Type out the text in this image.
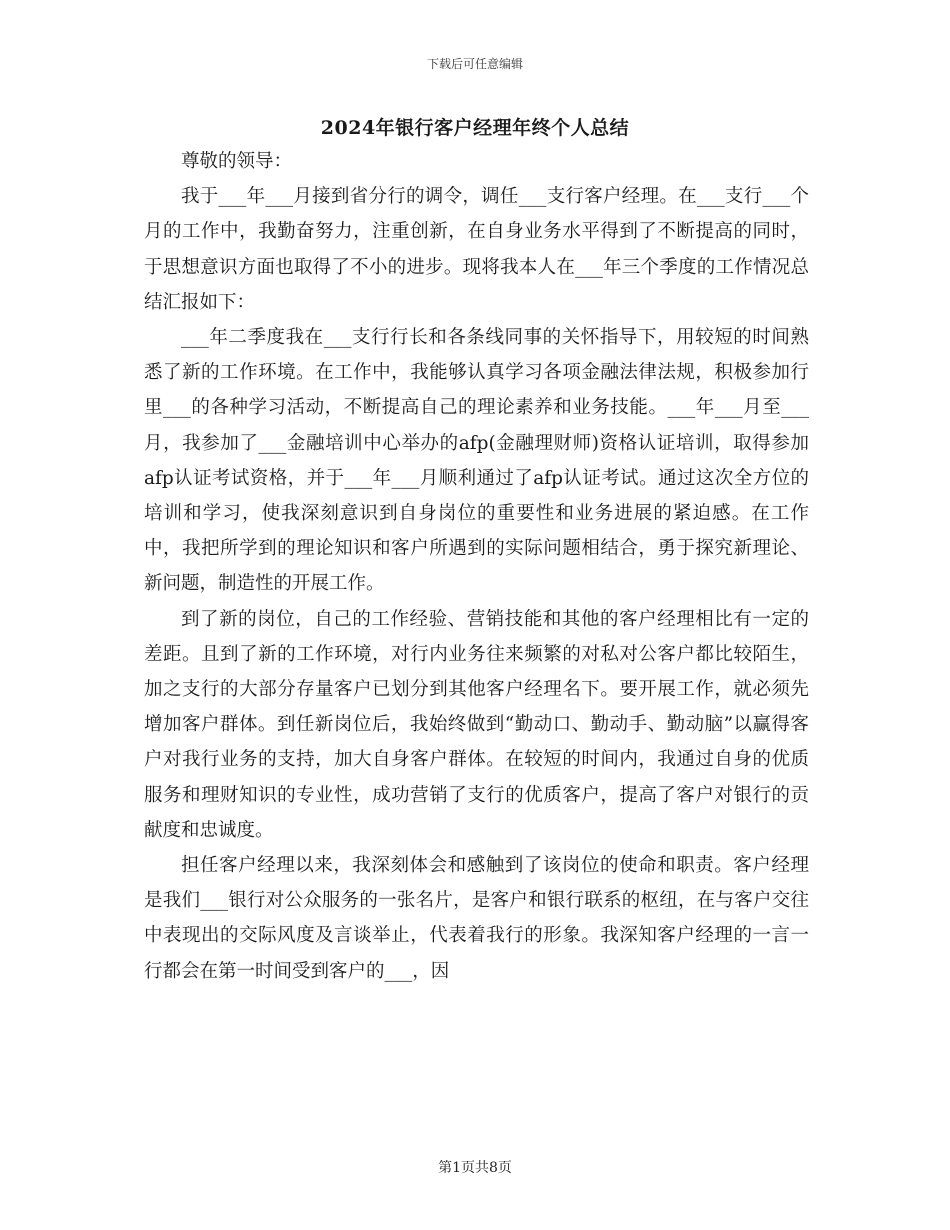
下载后可任意编辑
2024年银行客户经理年终个人总结

尊敬的领导：

我于___年___月接到省分行的调令，调任___支行客户经理。在___支行___个月的工作中，我勤奋努力，注重创新，在自身业务水平得到了不断提高的同时，于思想意识方面也取得了不小的进步。现将我本人在___年三个季度的工作情况总结汇报如下：

___年二季度我在___支行行长和各条线同事的关怀指导下，用较短的时间熟悉了新的工作环境。在工作中，我能够认真学习各项金融法律法规，积极参加行里___的各种学习活动，不断提高自己的理论素养和业务技能。___年___月至___月，我参加了___金融培训中心举办的afp(金融理财师)资格认证培训，取得参加afp认证考试资格，并于___年___月顺利通过了afp认证考试。通过这次全方位的培训和学习，使我深刻意识到自身岗位的重要性和业务进展的紧迫感。在工作中，我把所学到的理论知识和客户所遇到的实际问题相结合，勇于探究新理论、新问题，制造性的开展工作。

到了新的岗位，自己的工作经验、营销技能和其他的客户经理相比有一定的差距。且到了新的工作环境，对行内业务往来频繁的对私对公客户都比较陌生，加之支行的大部分存量客户已划分到其他客户经理名下。要开展工作，就必须先增加客户群体。到任新岗位后，我始终做到“勤动口、勤动手、勤动脑”以赢得客户对我行业务的支持，加大自身客户群体。在较短的时间内，我通过自身的优质服务和理财知识的专业性，成功营销了支行的优质客户，提高了客户对银行的贡献度和忠诚度。

担任客户经理以来，我深刻体会和感触到了该岗位的使命和职责。客户经理是我们___银行对公众服务的一张名片，是客户和银行联系的枢纽，在与客户交往中表现出的交际风度及言谈举止，代表着我行的形象。我深知客户经理的一言一行都会在第一时间受到客户的___，因

第1页共8页
